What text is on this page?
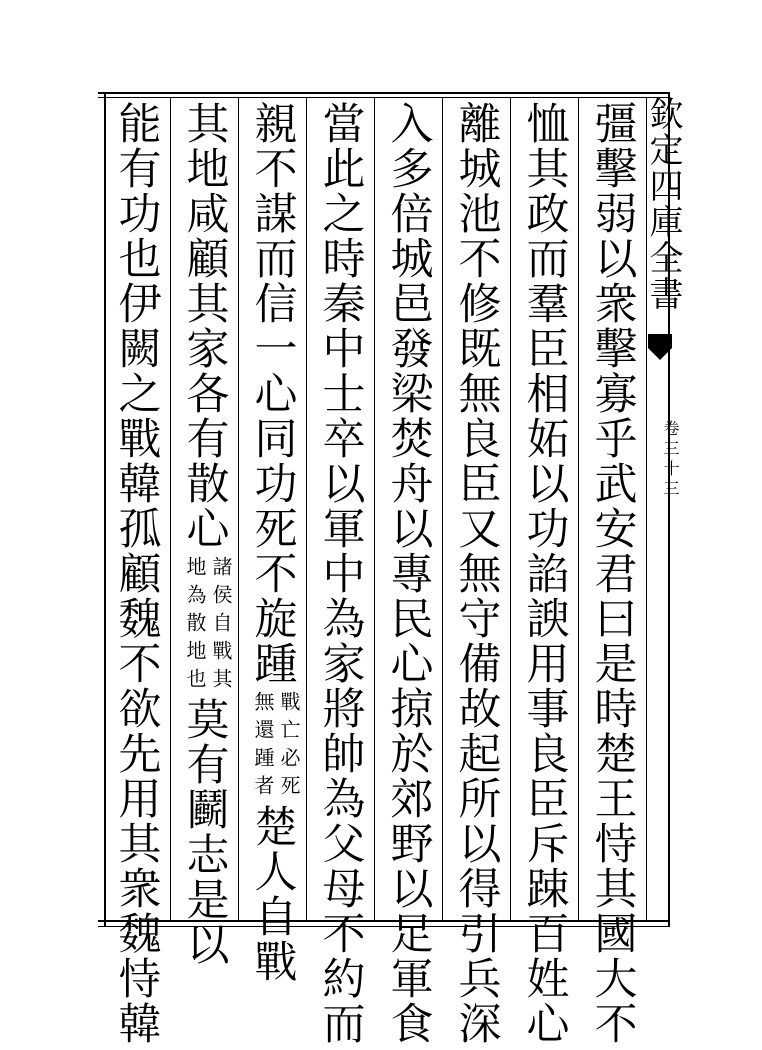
欽定四庫全書
卷三十三
彊
擊
弱
以
衆
擊
寡
乎
武
安
君
曰
是
時
楚
王
恃
其
國
大
不
恤
其
政
而
羣
臣
相
妬
以
功
諂
諛
用
事
良
臣
斥
踈
百
姓
心
離
城
池
不
修
既
無
良
臣
又
無
守
備
故
起
所
以
得
引
兵
深
入
多
倍
城
邑
發
梁
焚
舟
以
專
民
心
掠
於
郊
野
以
足
軍
食
當
此
之
時
秦
中
士
卒
以
軍
中
為
家
將
帥
為
父
母
不
約
而
親
不
謀
而
信
一
心
同
功
死
不
旋
踵
戰亡必死
無還踵者
楚
人
自
戰
其
地
咸
顧
其
家
各
有
散
心
諸侯自戰其
地為散地也
莫
有
鬬
志
是
以
能
有
功
也
伊
闕
之
戰
韓
孤
顧
魏
不
欲
先
用
其
衆
魏
恃
韓
